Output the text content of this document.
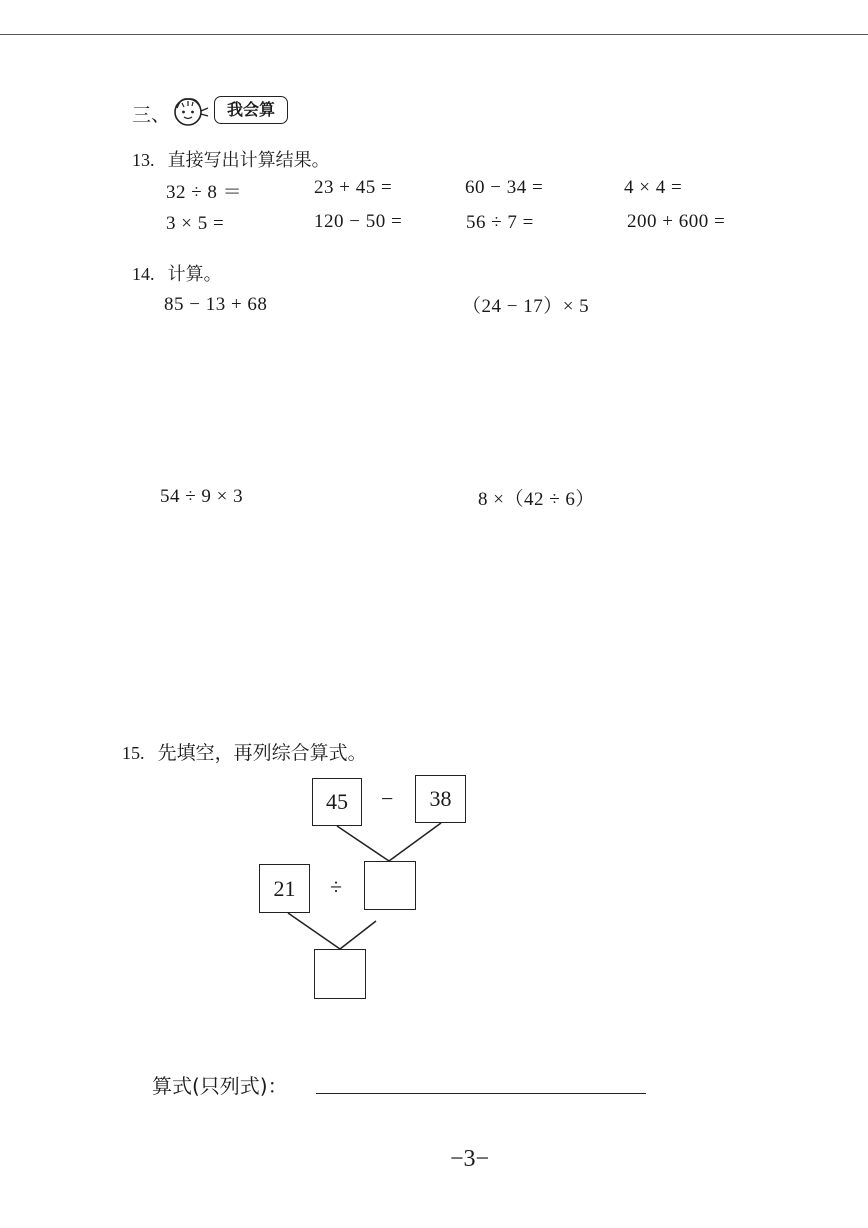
三、	我会算
13. 直接写出计算结果。
32 ÷ 8 ＝	23 + 45 =	60 − 34 =	4 × 4 =
3 × 5 =	120 − 50 =	56 ÷ 7 =	200 + 600 =
14. 计算。
85 − 13 + 68	（24 − 17）× 5
54 ÷ 9 × 3	8 ×（42 ÷ 6）
15. 先填空，再列综合算式。
45	−	38
21	÷
算式(只列式)：
−3−
